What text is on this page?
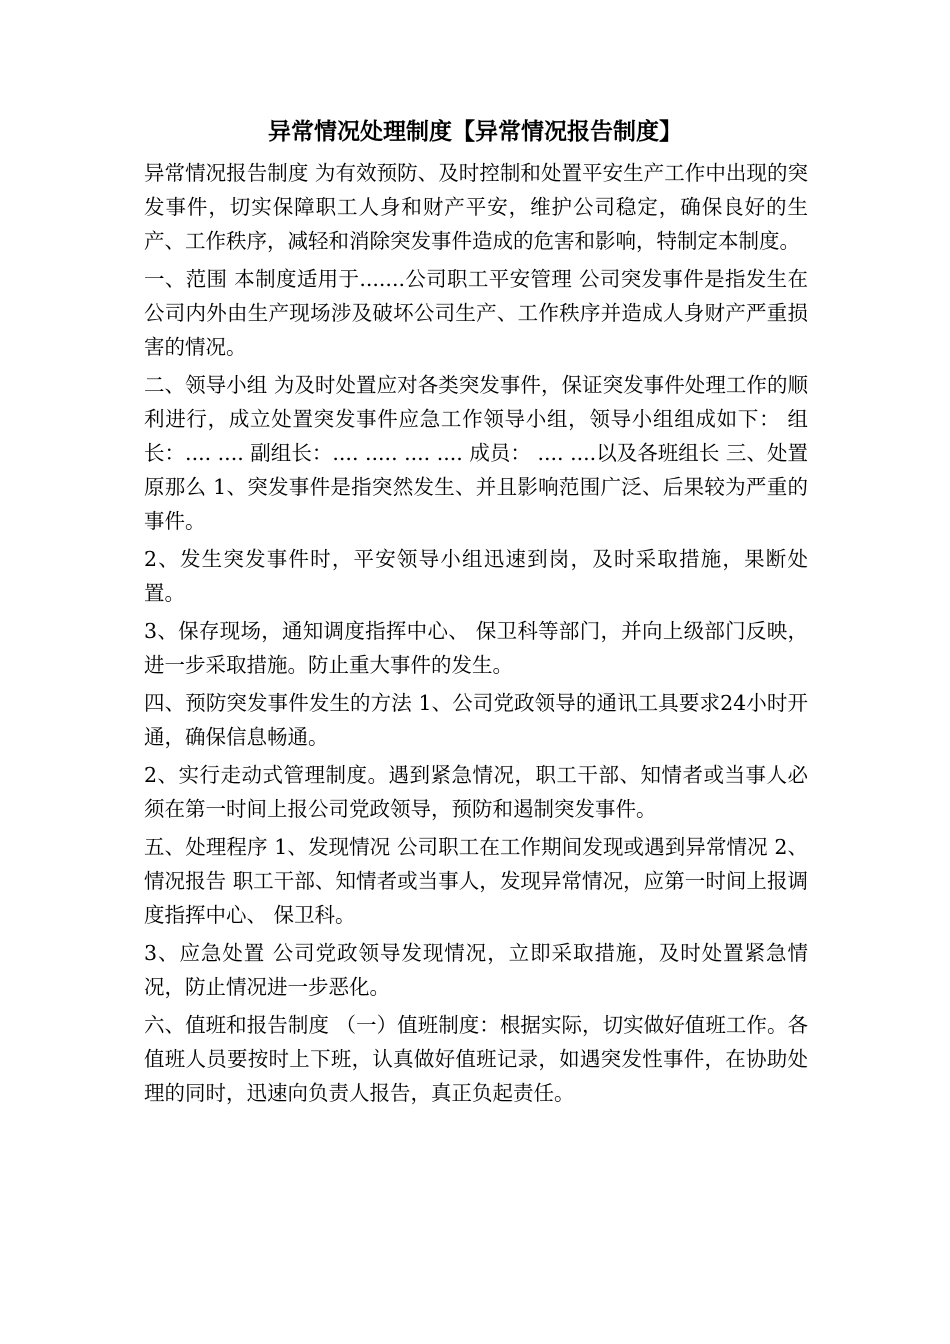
异常情况处理制度【异常情况报告制度】

异常情况报告制度 为有效预防、及时控制和处置平安生产工作中出现的突发事件，切实保障职工人身和财产平安，维护公司稳定，确保良好的生产、工作秩序，减轻和消除突发事件造成的危害和影响，特制定本制度。

一、范围 本制度适用于.......公司职工平安管理 公司突发事件是指发生在公司内外由生产现场涉及破坏公司生产、工作秩序并造成人身财产严重损害的情况。

二、领导小组 为及时处置应对各类突发事件，保证突发事件处理工作的顺利进行，成立处置突发事件应急工作领导小组，领导小组组成如下： 组 长：.... .... 副组长：.... ..... .... .... 成员： .... ....以及各班组长 三、处置原那么 1、突发事件是指突然发生、并且影响范围广泛、后果较为严重的事件。

2、发生突发事件时，平安领导小组迅速到岗，及时采取措施，果断处置。

3、保存现场，通知调度指挥中心、 保卫科等部门，并向上级部门反映，进一步采取措施。防止重大事件的发生。

四、预防突发事件发生的方法 1、公司党政领导的通讯工具要求24小时开通，确保信息畅通。

2、实行走动式管理制度。遇到紧急情况，职工干部、知情者或当事人必须在第一时间上报公司党政领导，预防和遏制突发事件。

五、处理程序 1、发现情况 公司职工在工作期间发现或遇到异常情况 2、情况报告 职工干部、知情者或当事人，发现异常情况，应第一时间上报调度指挥中心、 保卫科。

3、应急处置 公司党政领导发现情况，立即采取措施，及时处置紧急情况，防止情况进一步恶化。

六、值班和报告制度 （一）值班制度：根据实际，切实做好值班工作。各值班人员要按时上下班，认真做好值班记录，如遇突发性事件，在协助处理的同时，迅速向负责人报告，真正负起责任。
